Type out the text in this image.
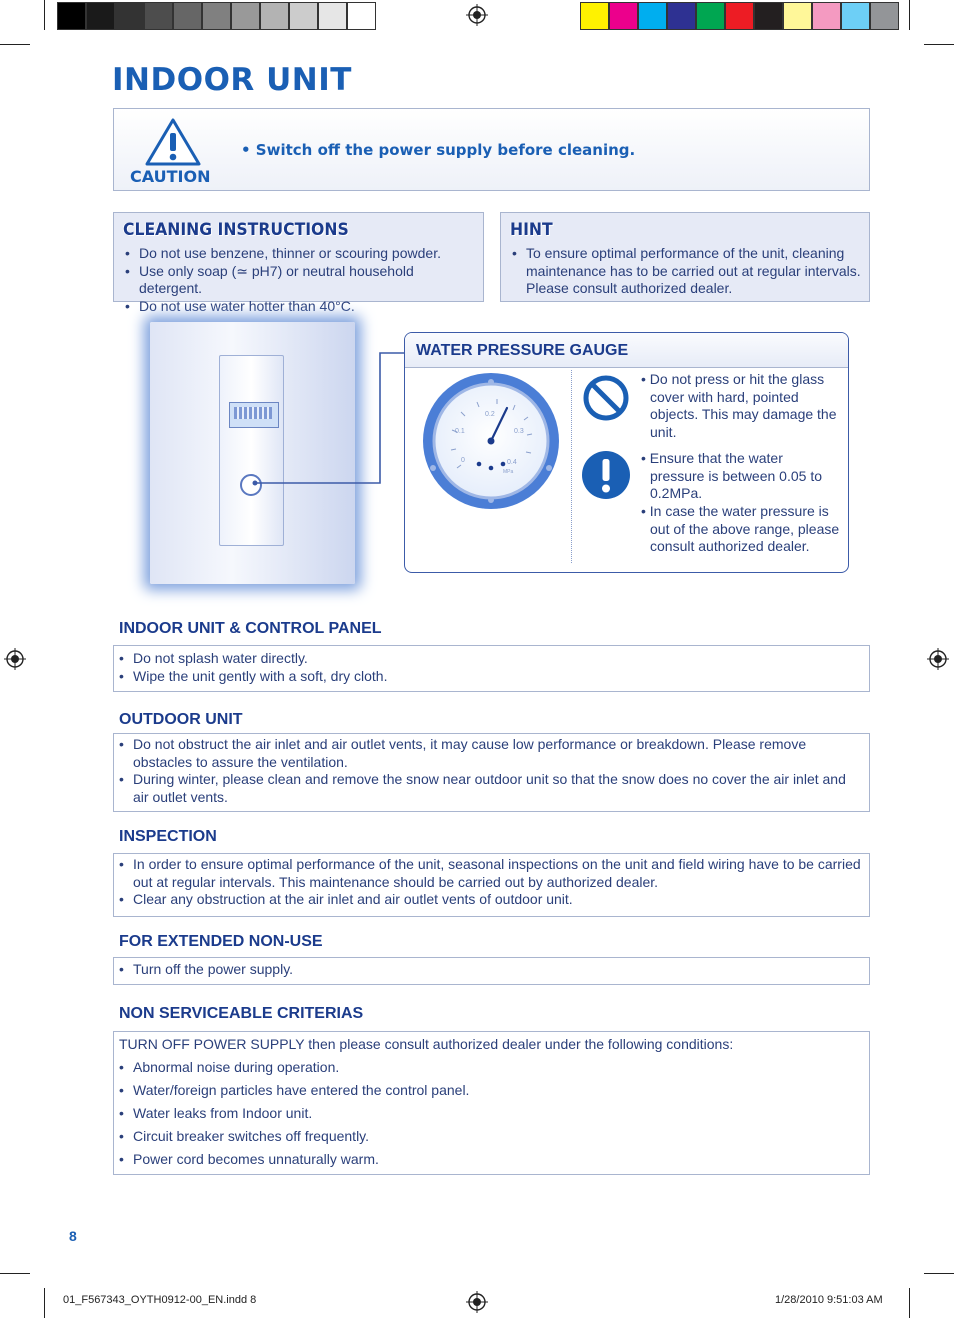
INDOOR UNIT
CAUTION
• Switch off the power supply before cleaning.
CLEANING INSTRUCTIONS
• Do not use benzene, thinner or scouring powder.
• Use only soap (≃ pH7) or neutral household detergent.
• Do not use water hotter than 40°C.
HINT
• To ensure optimal performance of the unit, cleaning maintenance has to be carried out at regular intervals. Please consult authorized dealer.
WATER PRESSURE GAUGE
0
0.1
0.2
0.3
0.4
MPa
• Do not press or hit the glass cover with hard, pointed objects. This may damage the unit.
• Ensure that the water pressure is between 0.05 to 0.2MPa.
• In case the water pressure is out of the above range, please consult authorized dealer.
INDOOR UNIT & CONTROL PANEL
• Do not splash water directly.
• Wipe the unit gently with a soft, dry cloth.
OUTDOOR UNIT
• Do not obstruct the air inlet and air outlet vents, it may cause low performance or breakdown. Please remove obstacles to assure the ventilation.
• During winter, please clean and remove the snow near outdoor unit so that the snow does no cover the air inlet and air outlet vents.
INSPECTION
• In order to ensure optimal performance of the unit, seasonal inspections on the unit and field wiring have to be carried out at regular intervals. This maintenance should be carried out by authorized dealer.
• Clear any obstruction at the air inlet and air outlet vents of outdoor unit.
FOR EXTENDED NON-USE
• Turn off the power supply.
NON SERVICEABLE CRITERIAS
TURN OFF POWER SUPPLY then please consult authorized dealer under the following conditions:
• Abnormal noise during operation.
• Water/foreign particles have entered the control panel.
• Water leaks from Indoor unit.
• Circuit breaker switches off frequently.
• Power cord becomes unnaturally warm.
8
01_F567343_OYTH0912-00_EN.indd 8	1/28/2010 9:51:03 AM
